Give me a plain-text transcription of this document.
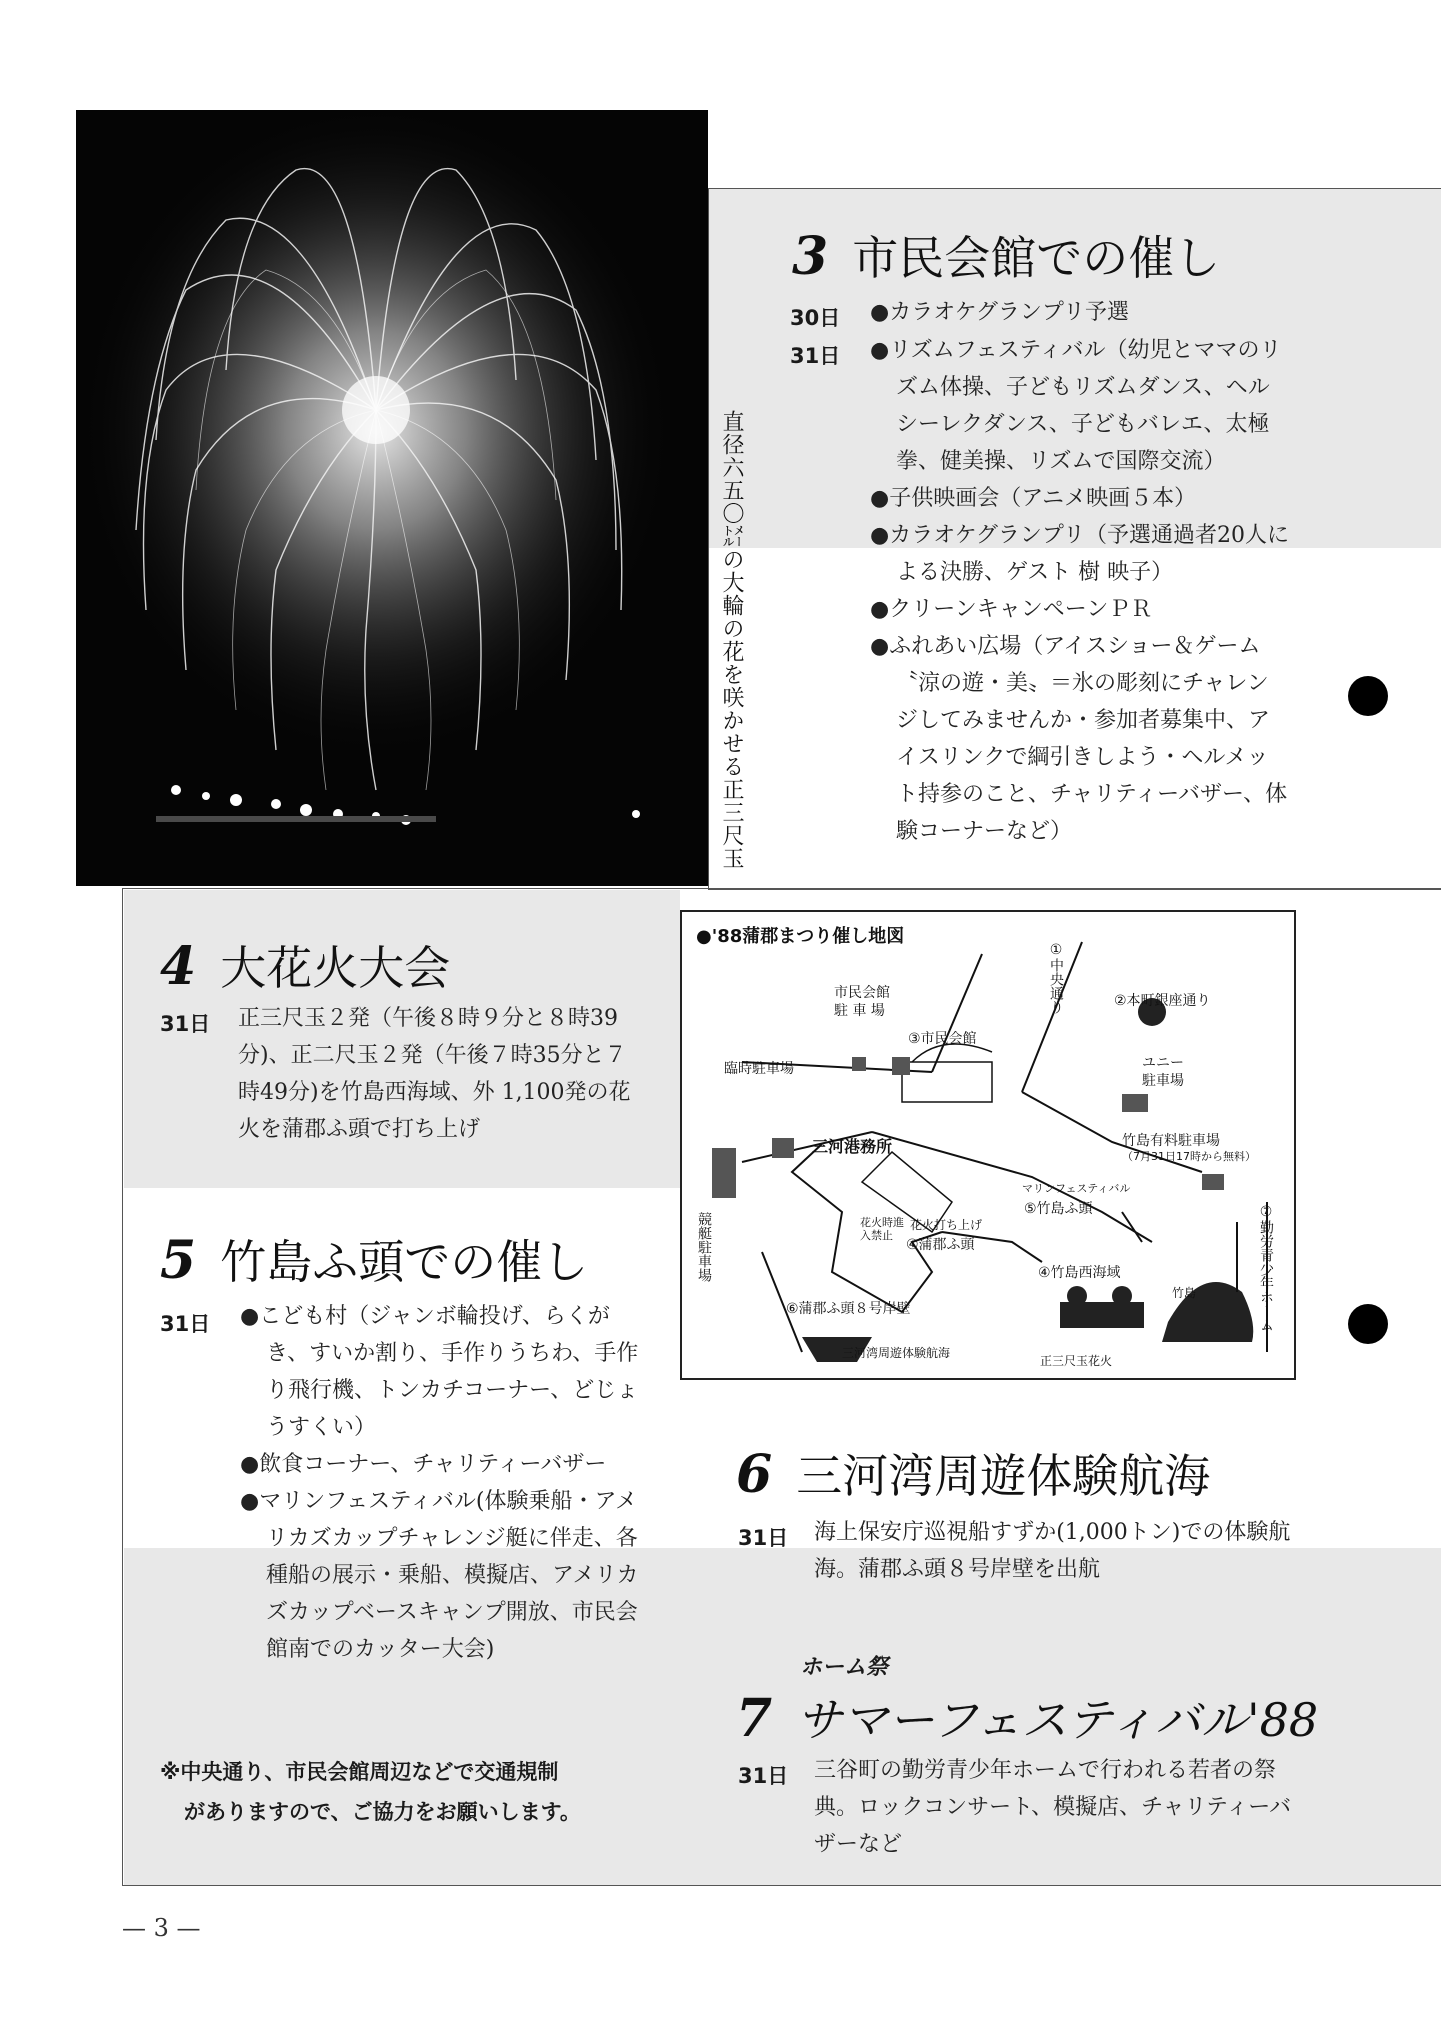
直径六五〇㍍の大輪の花を咲かせる正三尺玉
3 市民会館での催し
30日 ●カラオケグランプリ予選

31日 ●リズムフェスティバル（幼児とママのリズム体操、子どもリズムダンス、ヘルシーレクダンス、子どもバレエ、太極拳、健美操、リズムで国際交流）

●子供映画会（アニメ映画５本）

●カラオケグランプリ（予選通過者20人による決勝、ゲスト 樹 映子）

●クリーンキャンペーンＰＲ

●ふれあい広場（アイスショー＆ゲーム〝涼の遊・美〟＝氷の彫刻にチャレンジしてみませんか・参加者募集中、アイスリンクで綱引きしよう・ヘルメット持参のこと、チャリティーバザー、体験コーナーなど）

4 大花火大会
31日 正三尺玉２発（午後８時９分と８時39分)、正二尺玉２発（午後７時35分と７時49分)を竹島西海域、外 1,100発の花火を蒲郡ふ頭で打ち上げ
5 竹島ふ頭での催し
31日 ●こども村（ジャンボ輪投げ、らくがき、すいか割り、手作りうちわ、手作り飛行機、トンカチコーナー、どじょうすくい）

●飲食コーナー、チャリティーバザー

●マリンフェスティバル(体験乗船・アメリカズカップチャレンジ艇に伴走、各種船の展示・乗船、模擬店、アメリカズカップベースキャンプ開放、市民会館南でのカッター大会)

※中央通り、市民会館周辺などで交通規制
がありますので、ご協力をお願いします。
●'88蒲郡まつり催し地図
①中央通り	②本町銀座通り
市民会館
駐 車 場
③市民会館
臨時駐車場	ユニー
駐車場
三河港務所	竹島有料駐車場
（7月31日17時から無料）
競艇駐車場
マリンフェスティバル
⑤竹島ふ頭	⑦勤労青少年ホーム
花火時進入禁止
花火打ち上げ
④蒲郡ふ頭
④竹島西海域
竹島
⑥蒲郡ふ頭８号岸壁
三河湾周遊体験航海
正三尺玉花火
6 三河湾周遊体験航海
31日 海上保安庁巡視船すずか(1,000トン)での体験航海。蒲郡ふ頭８号岸壁を出航
ホーム祭
7 サマーフェスティバル'88
31日 三谷町の勤労青少年ホームで行われる若者の祭典。ロックコンサート、模擬店、チャリティーバザーなど
— 3 —
